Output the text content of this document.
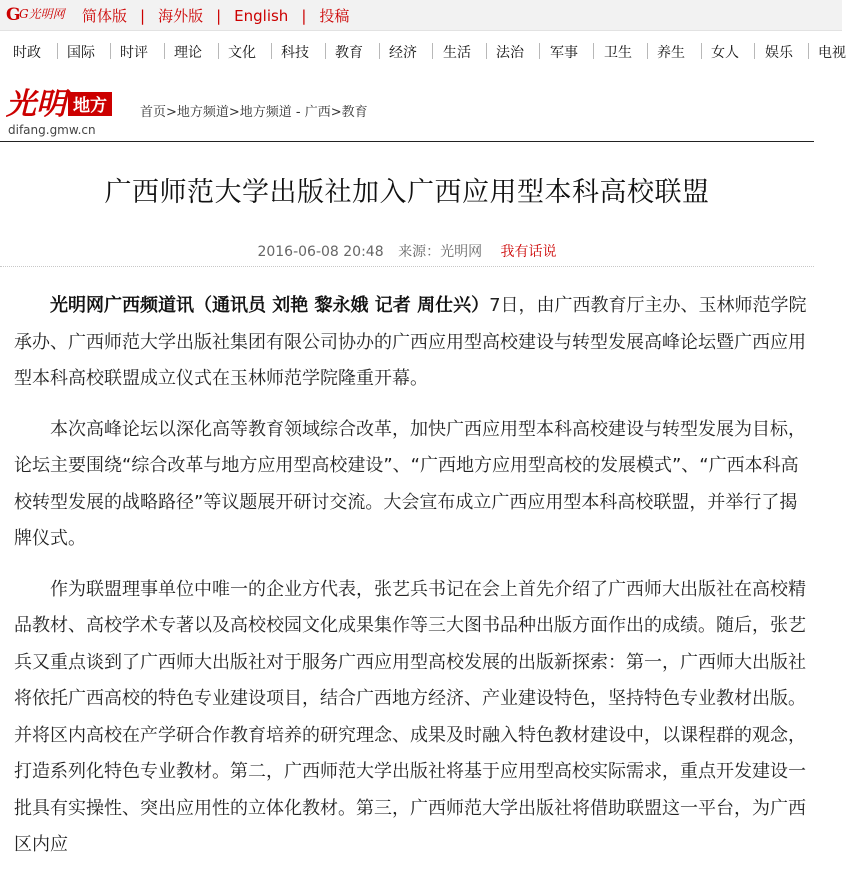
G
G光明网 简体版 | 海外版 | English | 投稿
时政 国际 时评 理论 文化 科技 教育 经济 生活 法治 军事 卫生 养生 女人 娱乐 电视
光明 地方
difang.gmw.cn
首页>地方频道>地方频道 - 广西>教育
广西师范大学出版社加入广西应用型本科高校联盟
2016-06-08 20:48 来源：光明网 我有话说

光明网广西频道讯（通讯员 刘艳 黎永娥 记者 周仕兴）7日，由广西教育厅主办、玉林师范学院承办、广西师范大学出版社集团有限公司协办的广西应用型高校建设与转型发展高峰论坛暨广西应用型本科高校联盟成立仪式在玉林师范学院隆重开幕。

本次高峰论坛以深化高等教育领域综合改革，加快广西应用型本科高校建设与转型发展为目标，论坛主要围绕“综合改革与地方应用型高校建设”、“广西地方应用型高校的发展模式”、“广西本科高校转型发展的战略路径”等议题展开研讨交流。大会宣布成立广西应用型本科高校联盟，并举行了揭牌仪式。

作为联盟理事单位中唯一的企业方代表，张艺兵书记在会上首先介绍了广西师大出版社在高校精品教材、高校学术专著以及高校校园文化成果集作等三大图书品种出版方面作出的成绩。随后，张艺兵又重点谈到了广西师大出版社对于服务广西应用型高校发展的出版新探索：第一，广西师大出版社将依托广西高校的特色专业建设项目，结合广西地方经济、产业建设特色，坚持特色专业教材出版。并将区内高校在产学研合作教育培养的研究理念、成果及时融入特色教材建设中，以课程群的观念，打造系列化特色专业教材。第二，广西师范大学出版社将基于应用型高校实际需求，重点开发建设一批具有实操性、突出应用性的立体化教材。第三，广西师范大学出版社将借助联盟这一平台，为广西区内应
